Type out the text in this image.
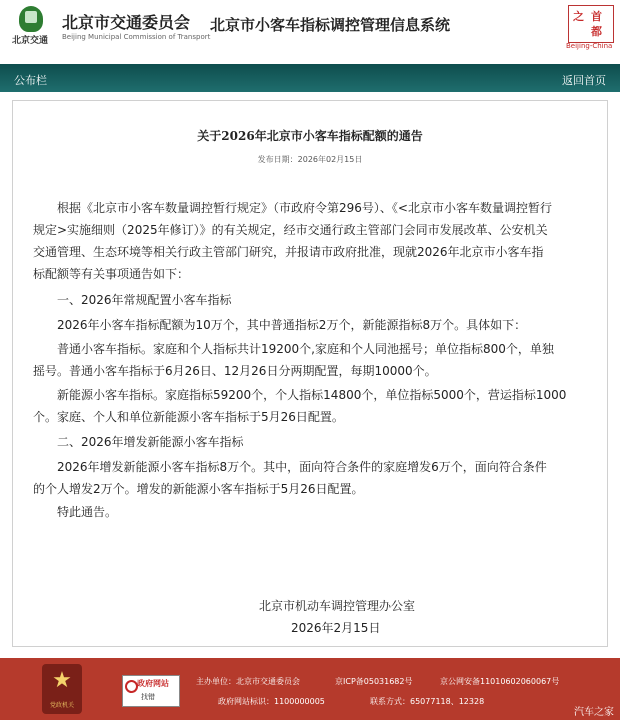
北京交通
北京市交通委员会
Beijing Municipal Commission of Transport
北京市小客车指标调控管理信息系统	之 首
都
Beijing-China
公布栏	返回首页
关于2026年北京市小客车指标配额的通告
发布日期：2026年02月15日
　　根据《北京市小客车数量调控暂行规定》（市政府令第296号）、《<北京市小客车数量调控暂行
规定>实施细则（2025年修订）》的有关规定，经市交通行政主管部门会同市发展改革、公安机关
交通管理、生态环境等相关行政主管部门研究，并报请市政府批准，现就2026年北京市小客车指
标配额等有关事项通告如下：
　　一、2026年常规配置小客车指标
　　2026年小客车指标配额为10万个，其中普通指标2万个，新能源指标8万个。具体如下：
　　普通小客车指标。家庭和个人指标共计19200个,家庭和个人同池摇号；单位指标800个，单独
摇号。普通小客车指标于6月26日、12月26日分两期配置，每期10000个。
　　新能源小客车指标。家庭指标59200个，个人指标14800个，单位指标5000个，营运指标1000
个。家庭、个人和单位新能源小客车指标于5月26日配置。
　　二、2026年增发新能源小客车指标
　　2026年增发新能源小客车指标8万个。其中，面向符合条件的家庭增发6万个，面向符合条件
的个人增发2万个。增发的新能源小客车指标于5月26日配置。
　　特此通告。
北京市机动车调控管理办公室
2026年2月15日
★
党政机关
政府网站
找错
主办单位：北京市交通委员会	京ICP备05031682号	京公网安备11010602060067号
政府网站标识：1100000005	联系方式：65077118、12328
汽车之家
